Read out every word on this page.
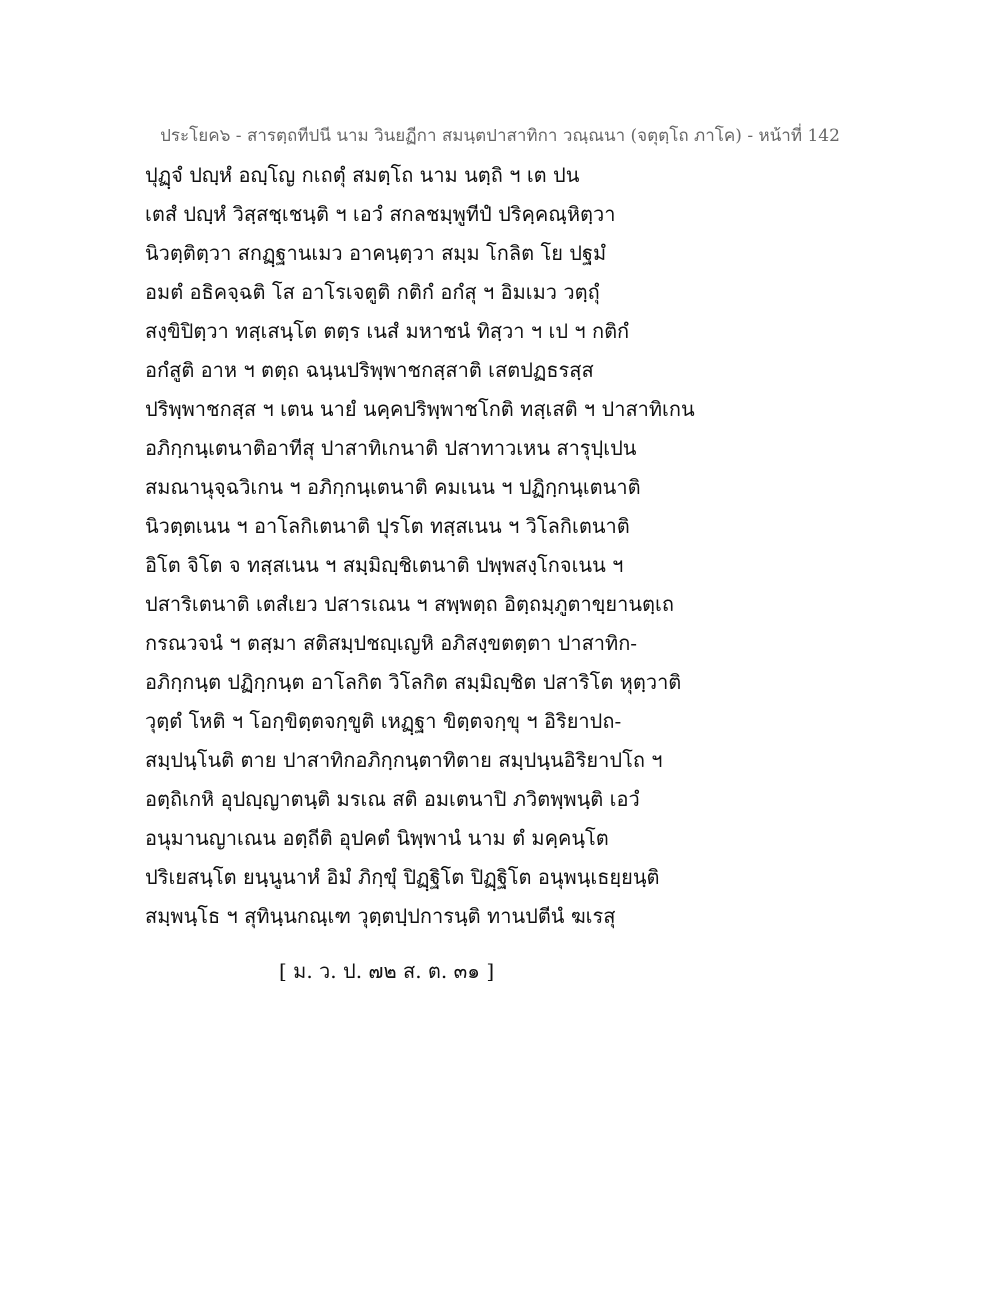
ประโยค๖ - สารตฺถทีปนี นาม วินยฏีกา สมนฺตปาสาทิกา วณฺณนา (จตุตฺโถ ภาโค) - หน้าที่ 142
ปุฏฺจํ ปญฺหํ อญฺโญ กเถตุํ สมตฺโถ นาม นตฺถิ ฯ เต ปน
เตสํ ปญฺหํ วิสฺสชฺเชนฺติ ฯ เอวํ สกลชมฺพูทีปํ ปริคฺคณฺหิตฺวา
นิวตฺติตฺวา สกฏฺฐานเมว อาคนฺตฺวา สมฺม โกลิต โย ปฐมํ
อมตํ อธิคจฺฉติ โส อาโรเจตูติ กติกํ อกํสุ ฯ อิมเมว วตฺถุํ
สงฺขิปิตฺวา ทสฺเสนฺโต ตตฺร เนสํ มหาชนํ ทิสฺวา ฯ เป ฯ กติกํ
อกํสูติ อาห ฯ ตตฺถ ฉนฺนปริพฺพาชกสฺสาติ เสตปฏธรสฺส
ปริพฺพาชกสฺส ฯ เตน นายํ นคฺคปริพฺพาชโกติ ทสฺเสติ ฯ ปาสาทิเกน
อภิกฺกนฺเตนาติอาทีสุ ปาสาทิเกนาติ ปสาทาวเหน สารุปฺเปน
สมณานุจฺฉวิเกน ฯ อภิกฺกนฺเตนาติ คมเนน ฯ ปฏิกฺกนฺเตนาติ
นิวตฺตเนน ฯ อาโลกิเตนาติ ปุรโต ทสฺสเนน ฯ วิโลกิเตนาติ
อิโต จิโต จ ทสฺสเนน ฯ สมฺมิญฺชิเตนาติ ปพฺพสงฺโกจเนน ฯ
ปสาริเตนาติ เตสํเยว ปสารเณน ฯ สพฺพตฺถ อิตฺถมฺภูตาขฺยานตฺเถ
กรณวจนํ ฯ ตสฺมา สติสมฺปชญฺเญหิ อภิสงฺขตตฺตา ปาสาทิก-
อภิกฺกนฺต ปฏิกฺกนฺต อาโลกิต วิโลกิต สมฺมิญฺชิต ปสาริโต หุตฺวาติ
วุตฺตํ โหติ ฯ โอกฺขิตฺตจกฺขูติ เหฏฺฐา ขิตฺตจกฺขุ ฯ อิริยาปถ-
สมฺปนฺโนติ ตาย ปาสาทิกอภิกฺกนฺตาทิตาย สมฺปนฺนอิริยาปโถ ฯ
อตฺถิเกหิ อุปญฺญาตนฺติ มรเณ สติ อมเตนาปิ ภวิตพฺพนฺติ เอวํ
อนุมานญาเณน อตฺถีติ อุปคตํ นิพฺพานํ นาม ตํ มคฺคนฺโต
ปริเยสนฺโต ยนฺนูนาหํ อิมํ ภิกฺขุํ ปิฏฺฐิโต ปิฏฺฐิโต อนุพนฺเธยฺยนฺติ
สมฺพนฺโธ ฯ สุทินฺนกณฺเฑ วุตฺตปฺปการนฺติ ทานปตีนํ ฆเรสุ
[ ม. ว. ป. ๗๒ ส. ต. ๓๑ ]
